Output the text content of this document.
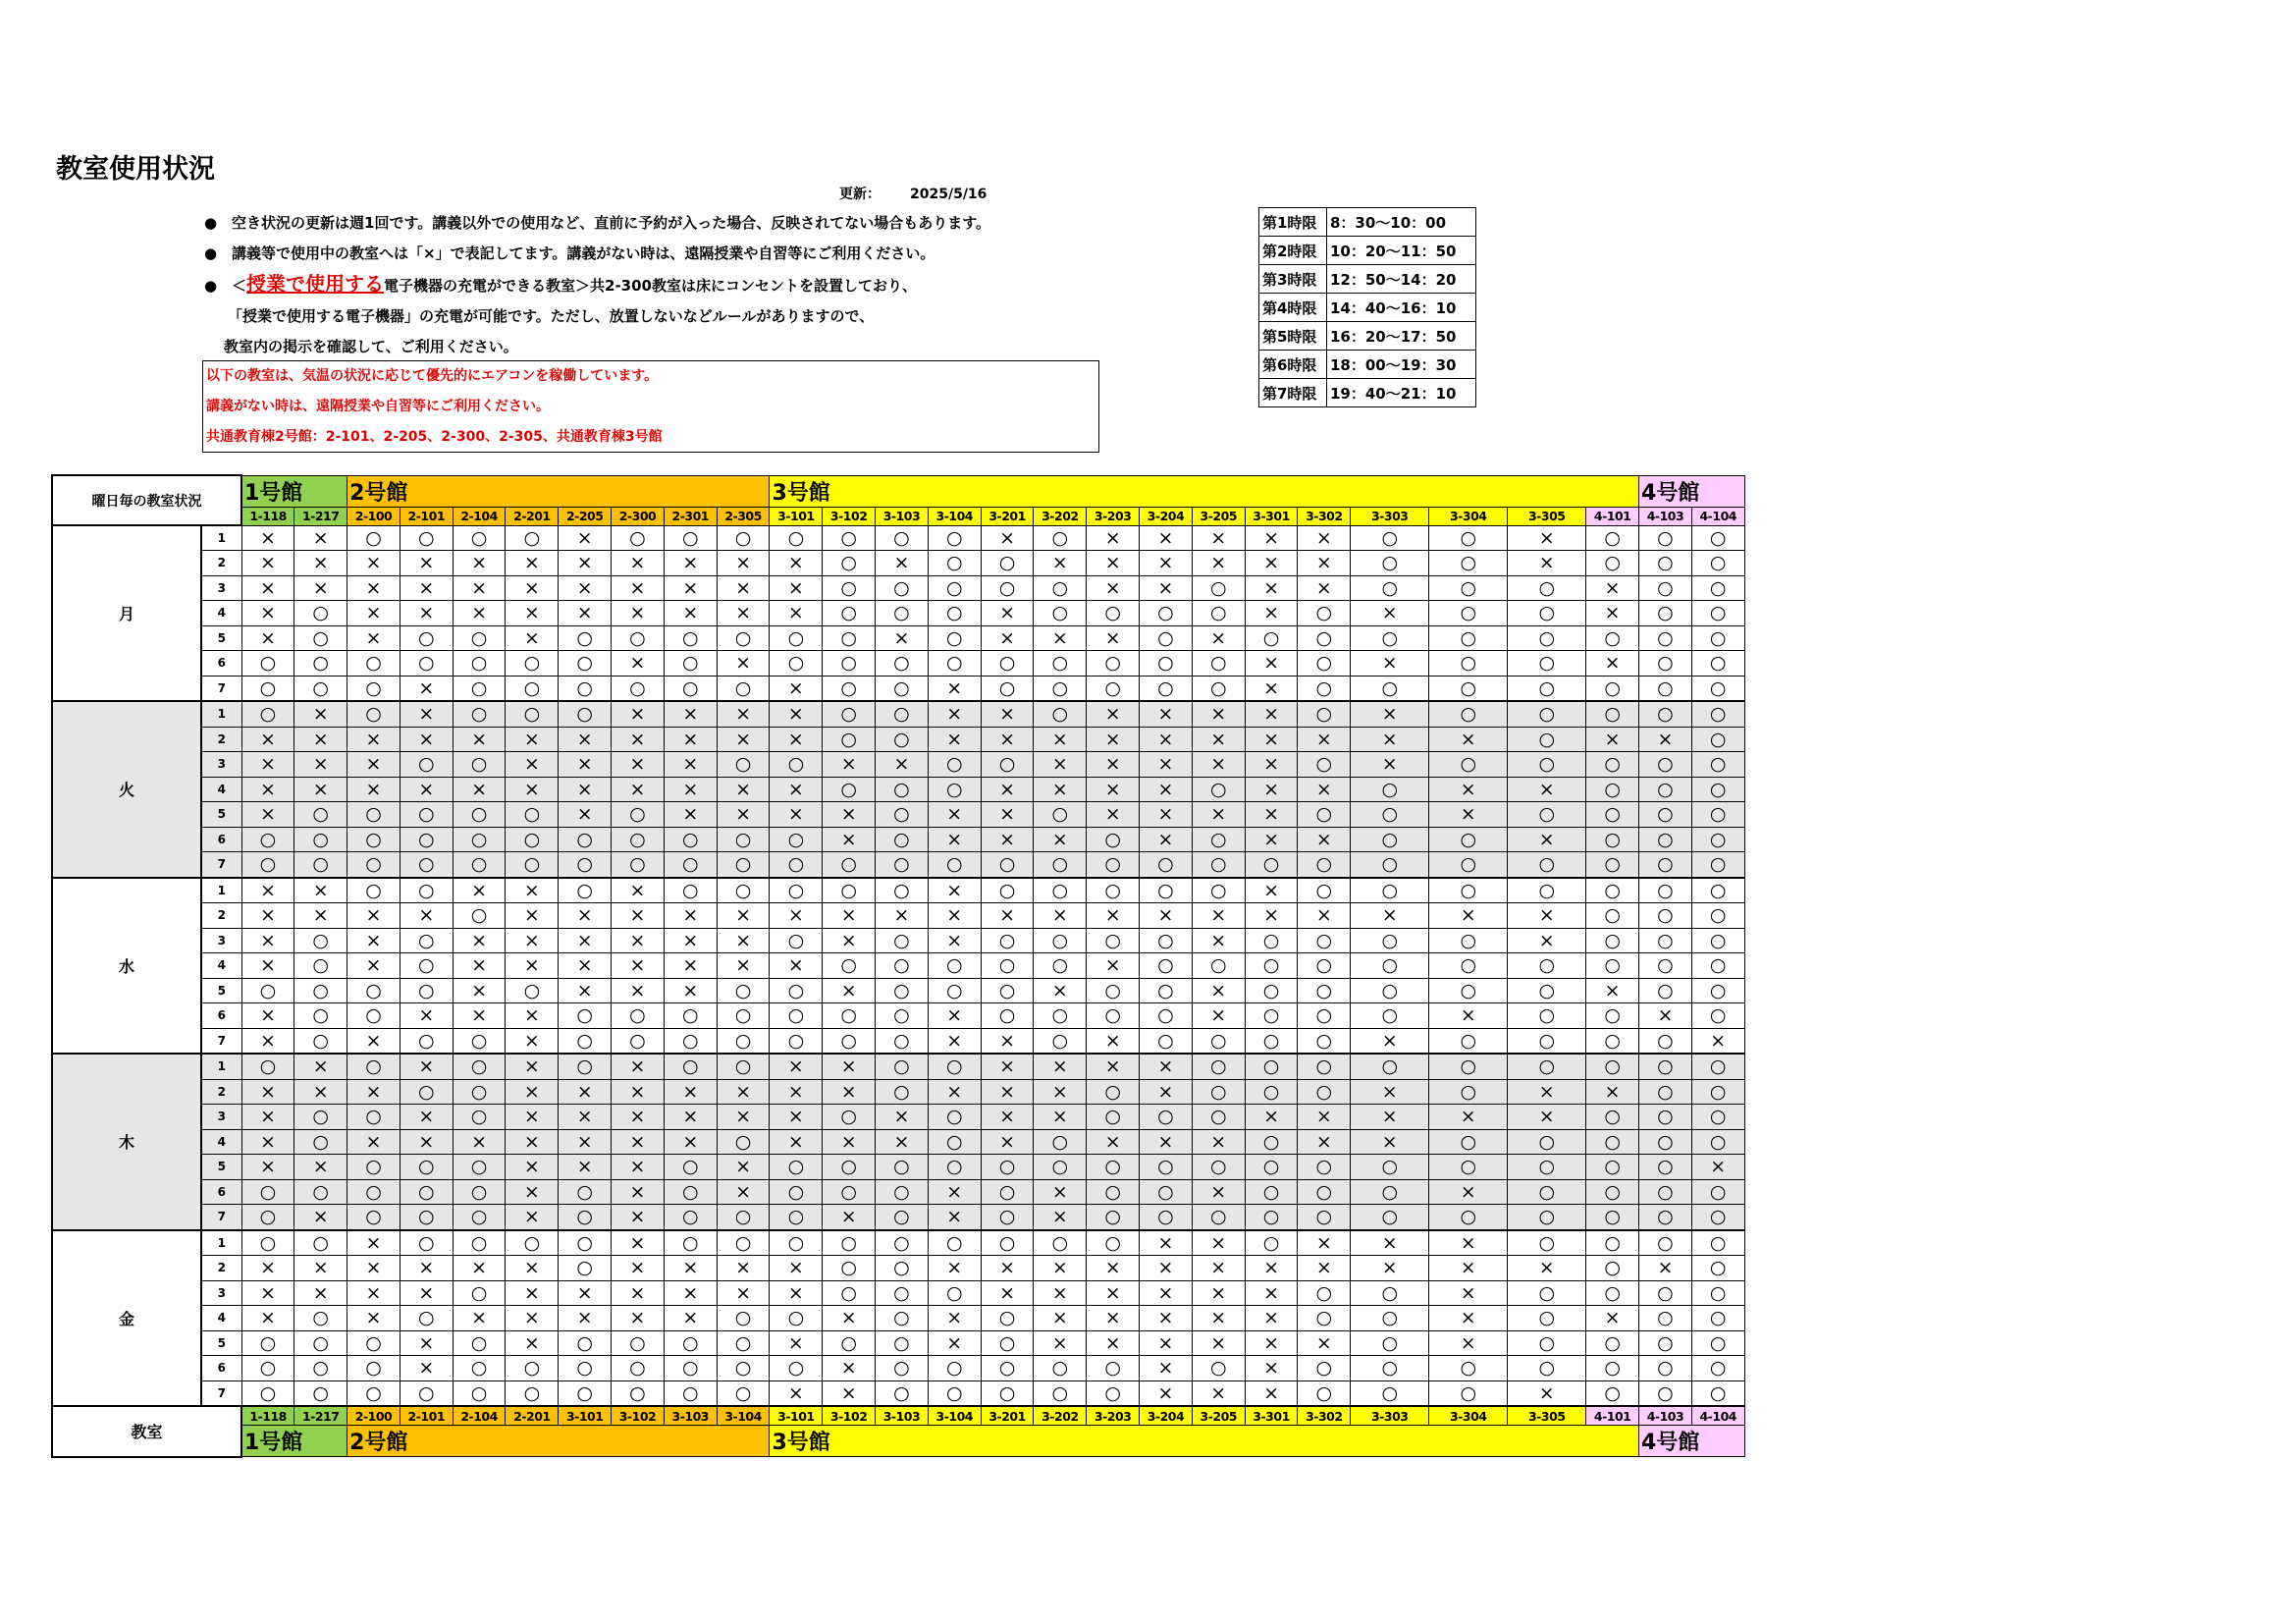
教室使用状況
更新： 2025/5/16
● 空き状況の更新は週1回です。講義以外での使用など、直前に予約が入った場合、反映されてない場合もあります。
● 講義等で使用中の教室へは「×」で表記してます。講義がない時は、遠隔授業や自習等にご利用ください。
● ＜授業で使用する電子機器の充電ができる教室＞共2-300教室は床にコンセントを設置しており、
「授業で使用する電子機器」の充電が可能です。ただし、放置しないなどルールがありますので、
教室内の掲示を確認して、ご利用ください。
以下の教室は、気温の状況に応じて優先的にエアコンを稼働しています。
講義がない時は、遠隔授業や自習等にご利用ください。
共通教育棟2号館：2-101、2-205、2-300、2-305、共通教育棟3号館
第1時限	8：30～10：00
第2時限	10：20～11：50
第3時限	12：50～14：20
第4時限	14：40～16：10
第5時限	16：20～17：50
第6時限	18：00～19：30
第7時限	19：40～21：10
曜日毎の教室状況		1号館		2号館								3号館															4号館	
		1-118	1-217	2-100	2-101	2-104	2-201	2-205	2-300	2-301	2-305	3-101	3-102	3-103	3-104	3-201	3-202	3-203	3-204	3-205	3-301	3-302	3-303	3-304	3-305	4-101	4-103	4-104
月	1	×	×	○	○	○	○	×	○	○	○	○	○	○	○	×	○	×	×	×	×	×	○	○	×	○	○	○
	2	×	×	×	×	×	×	×	×	×	×	×	○	×	○	○	×	×	×	×	×	×	○	○	×	○	○	○
	3	×	×	×	×	×	×	×	×	×	×	×	○	○	○	○	○	×	×	○	×	×	○	○	○	×	○	○
	4	×	○	×	×	×	×	×	×	×	×	×	○	○	○	×	○	○	○	○	×	○	×	○	○	×	○	○
	5	×	○	×	○	○	×	○	○	○	○	○	○	×	○	×	×	×	○	×	○	○	○	○	○	○	○	○
	6	○	○	○	○	○	○	○	×	○	×	○	○	○	○	○	○	○	○	○	×	○	×	○	○	×	○	○
	7	○	○	○	×	○	○	○	○	○	○	×	○	○	×	○	○	○	○	○	×	○	○	○	○	○	○	○
火	1	○	×	○	×	○	○	○	×	×	×	×	○	○	×	×	○	×	×	×	×	○	×	○	○	○	○	○
	2	×	×	×	×	×	×	×	×	×	×	×	○	○	×	×	×	×	×	×	×	×	×	×	○	×	×	○
	3	×	×	×	○	○	×	×	×	×	○	○	×	×	○	○	×	×	×	×	×	○	×	○	○	○	○	○
	4	×	×	×	×	×	×	×	×	×	×	×	○	○	○	×	×	×	×	○	×	×	○	×	×	○	○	○
	5	×	○	○	○	○	○	×	○	×	×	×	×	○	×	×	○	×	×	×	×	○	○	×	○	○	○	○
	6	○	○	○	○	○	○	○	○	○	○	○	×	○	×	×	×	○	×	○	×	×	○	○	×	○	○	○
	7	○	○	○	○	○	○	○	○	○	○	○	○	○	○	○	○	○	○	○	○	○	○	○	○	○	○	○
水	1	×	×	○	○	×	×	○	×	○	○	○	○	○	×	○	○	○	○	○	×	○	○	○	○	○	○	○
	2	×	×	×	×	○	×	×	×	×	×	×	×	×	×	×	×	×	×	×	×	×	×	×	×	○	○	○
	3	×	○	×	○	×	×	×	×	×	×	○	×	○	×	○	○	○	○	×	○	○	○	○	×	○	○	○
	4	×	○	×	○	×	×	×	×	×	×	×	○	○	○	○	○	×	○	○	○	○	○	○	○	○	○	○
	5	○	○	○	○	×	○	×	×	×	○	○	×	○	○	○	×	○	○	×	○	○	○	○	○	×	○	○
	6	×	○	○	×	×	×	○	○	○	○	○	○	○	×	○	○	○	○	×	○	○	○	×	○	○	×	○
	7	×	○	×	○	○	×	○	○	○	○	○	○	○	×	×	○	×	○	○	○	○	×	○	○	○	○	×
木	1	○	×	○	×	○	×	○	×	○	○	×	×	○	○	×	×	×	×	○	○	○	○	○	○	○	○	○
	2	×	×	×	○	○	×	×	×	×	×	×	×	○	×	×	×	○	×	○	○	○	×	○	×	×	○	○
	3	×	○	○	×	○	×	×	×	×	×	×	○	×	○	×	×	○	○	○	×	×	×	×	×	○	○	○
	4	×	○	×	×	×	×	×	×	×	○	×	×	×	○	×	○	×	×	×	○	×	×	○	○	○	○	○
	5	×	×	○	○	○	×	×	×	○	×	○	○	○	○	○	○	○	○	○	○	○	○	○	○	○	○	×
	6	○	○	○	○	○	×	○	×	○	×	○	○	○	×	○	×	○	○	×	○	○	○	×	○	○	○	○
	7	○	×	○	○	○	×	○	×	○	○	○	×	○	×	○	×	○	○	○	○	○	○	○	○	○	○	○
金	1	○	○	×	○	○	○	○	×	○	○	○	○	○	○	○	○	○	×	×	○	×	×	×	○	○	○	○
	2	×	×	×	×	×	×	○	×	×	×	×	○	○	×	×	×	×	×	×	×	×	×	×	×	○	×	○
	3	×	×	×	×	○	×	×	×	×	×	×	○	○	○	×	×	×	×	×	×	○	○	×	○	○	○	○
	4	×	○	×	○	×	×	×	×	×	○	○	×	○	×	○	×	×	×	×	×	○	○	×	○	×	○	○
	5	○	○	○	×	○	×	○	○	○	○	×	○	○	×	○	×	×	×	×	×	×	○	×	○	○	○	○
	6	○	○	○	×	○	○	○	○	○	○	○	×	○	○	○	○	○	×	○	×	○	○	○	○	○	○	○
	7	○	○	○	○	○	○	○	○	○	○	×	×	○	○	○	○	○	×	×	×	○	○	○	×	○	○	○
教室		1-118	1-217	2-100	2-101	2-104	2-201	3-101	3-102	3-103	3-104	3-101	3-102	3-103	3-104	3-201	3-202	3-203	3-204	3-205	3-301	3-302	3-303	3-304	3-305	4-101	4-103	4-104
		1号館		2号館								3号館															4号館	
